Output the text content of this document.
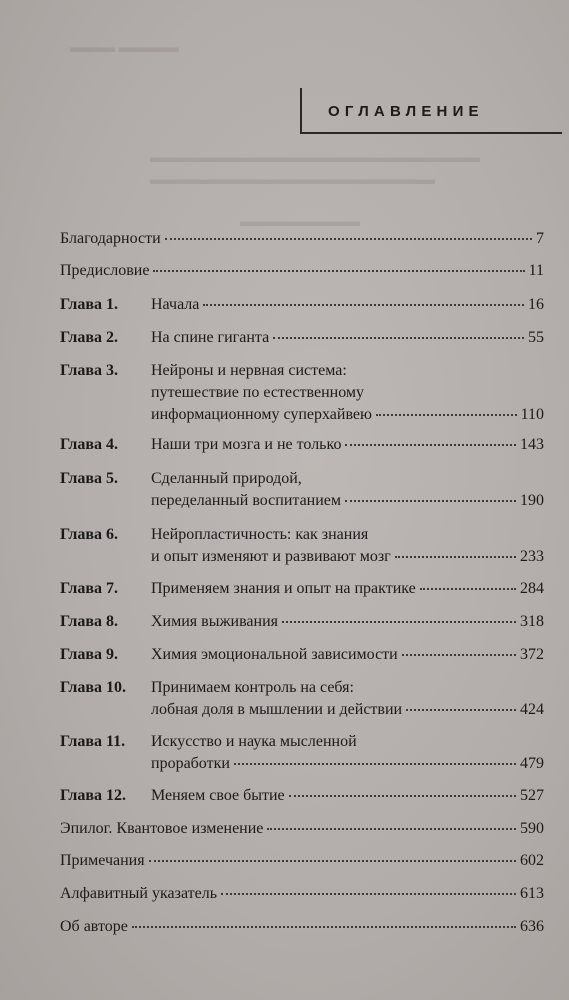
▬▬▬ ▬▬▬▬
▬▬▬▬▬▬▬▬▬▬▬▬▬▬▬▬▬▬▬▬▬▬
▬▬▬▬▬▬▬▬▬▬▬▬▬▬▬▬▬▬▬
▬▬▬▬▬▬▬▬
ОГЛАВЛЕНИЕ
Благодарности	7
Предисловие	11
Глава 1.	Начала	16
Глава 2.	На спине гиганта	55
Глава 3.	Нейроны и нервная система:
путешествие по естественному
информационному суперхайвею	110
Глава 4.	Наши три мозга и не только	143
Глава 5.	Сделанный природой,
переделанный воспитанием	190
Глава 6.	Нейропластичность: как знания
и опыт изменяют и развивают мозг	233
Глава 7.	Применяем знания и опыт на практике	284
Глава 8.	Химия выживания	318
Глава 9.	Химия эмоциональной зависимости	372
Глава 10.	Принимаем контроль на себя:
лобная доля в мышлении и действии	424
Глава 11.	Искусство и наука мысленной
проработки	479
Глава 12.	Меняем свое бытие	527
Эпилог. Квантовое изменение	590
Примечания	602
Алфавитный указатель	613
Об авторе	636
